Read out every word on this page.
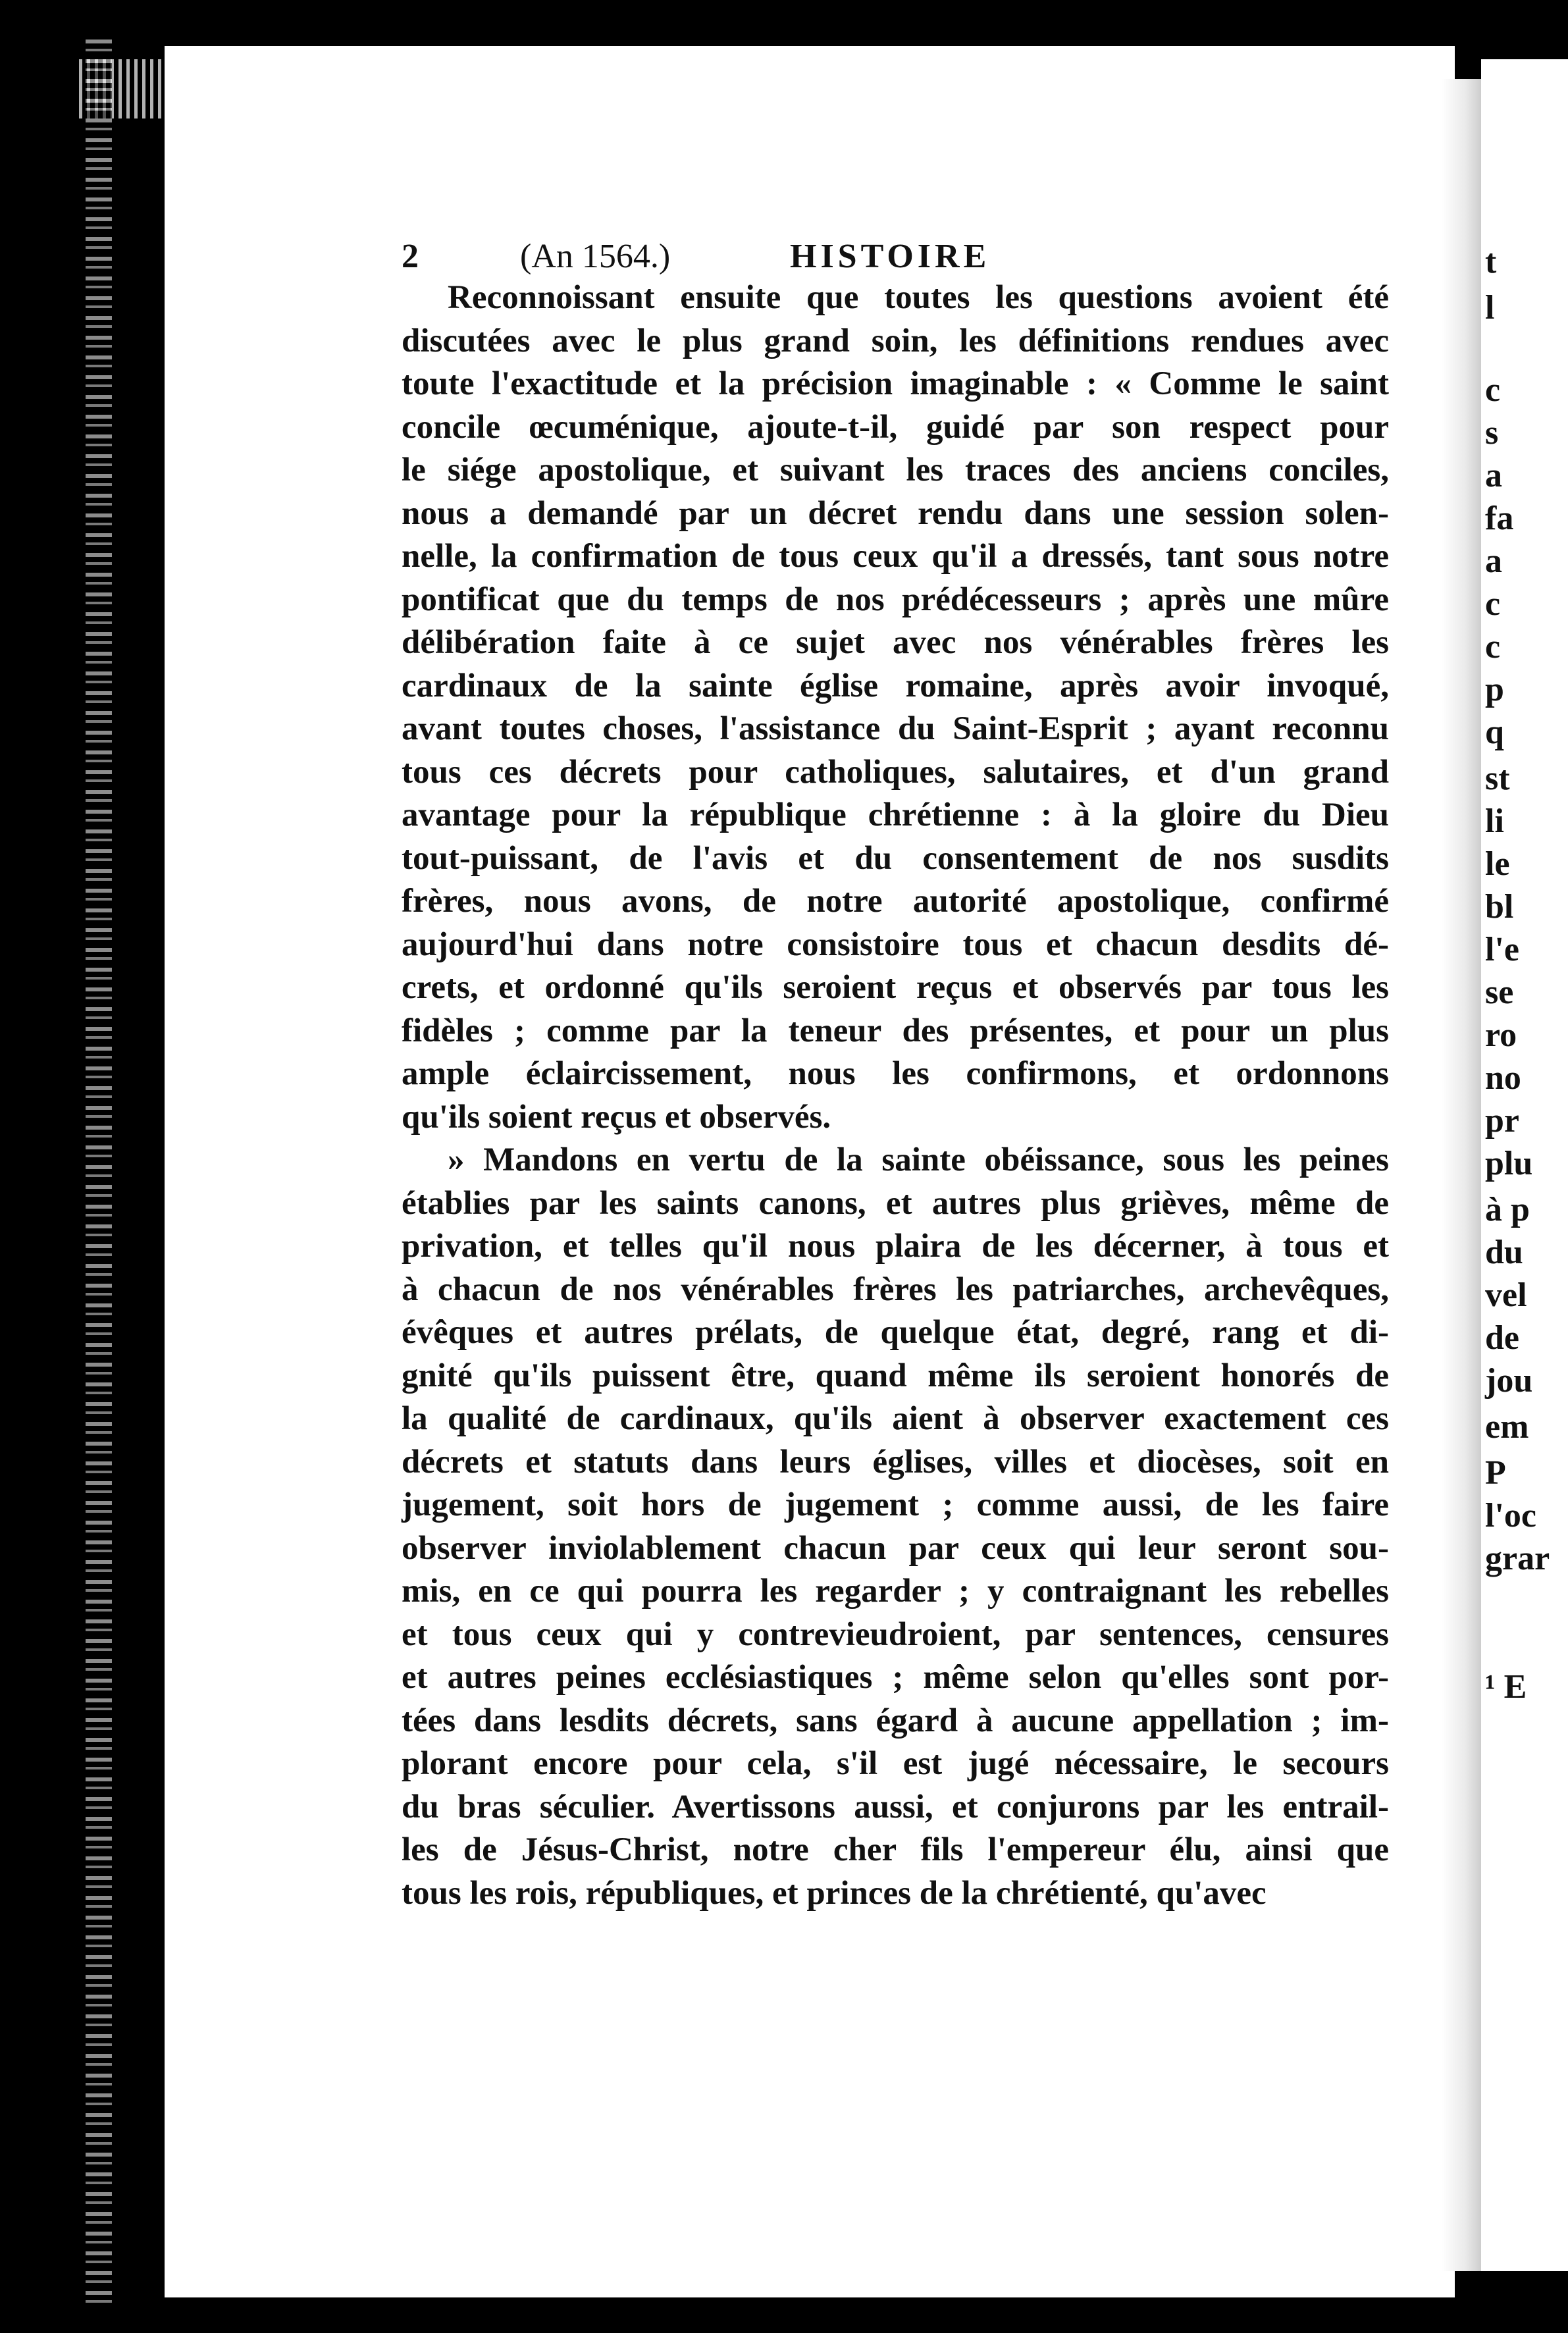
t
l
c
s
a
fa
a
c
c
p
q
st
li
le
bl
l'e
se
ro
no
pr
plu
à p
du
vel
de
jou
em
P
l'oc
grar
¹ E
2	(An 1564.)	HISTOIRE
Reconnoissant ensuite que toutes les questions avoient été
discutées avec le plus grand soin, les définitions rendues avec
toute l'exactitude et la précision imaginable : « Comme le saint
concile œcuménique, ajoute-t-il, guidé par son respect pour
le siége apostolique, et suivant les traces des anciens conciles,
nous a demandé par un décret rendu dans une session solen-
nelle, la confirmation de tous ceux qu'il a dressés, tant sous notre
pontificat que du temps de nos prédécesseurs ; après une mûre
délibération faite à ce sujet avec nos vénérables frères les
cardinaux de la sainte église romaine, après avoir invoqué,
avant toutes choses, l'assistance du Saint-Esprit ; ayant reconnu
tous ces décrets pour catholiques, salutaires, et d'un grand
avantage pour la république chrétienne : à la gloire du Dieu
tout-puissant, de l'avis et du consentement de nos susdits
frères, nous avons, de notre autorité apostolique, confirmé
aujourd'hui dans notre consistoire tous et chacun desdits dé-
crets, et ordonné qu'ils seroient reçus et observés par tous les
fidèles ; comme par la teneur des présentes, et pour un plus
ample éclaircissement, nous les confirmons, et ordonnons
qu'ils soient reçus et observés.
» Mandons en vertu de la sainte obéissance, sous les peines
établies par les saints canons, et autres plus grièves, même de
privation, et telles qu'il nous plaira de les décerner, à tous et
à chacun de nos vénérables frères les patriarches, archevêques,
évêques et autres prélats, de quelque état, degré, rang et di-
gnité qu'ils puissent être, quand même ils seroient honorés de
la qualité de cardinaux, qu'ils aient à observer exactement ces
décrets et statuts dans leurs églises, villes et diocèses, soit en
jugement, soit hors de jugement ; comme aussi, de les faire
observer inviolablement chacun par ceux qui leur seront sou-
mis, en ce qui pourra les regarder ; y contraignant les rebelles
et tous ceux qui y contrevieudroient, par sentences, censures
et autres peines ecclésiastiques ; même selon qu'elles sont por-
tées dans lesdits décrets, sans égard à aucune appellation ; im-
plorant encore pour cela, s'il est jugé nécessaire, le secours
du bras séculier. Avertissons aussi, et conjurons par les entrail-
les de Jésus-Christ, notre cher fils l'empereur élu, ainsi que
tous les rois, républiques, et princes de la chrétienté, qu'avec
